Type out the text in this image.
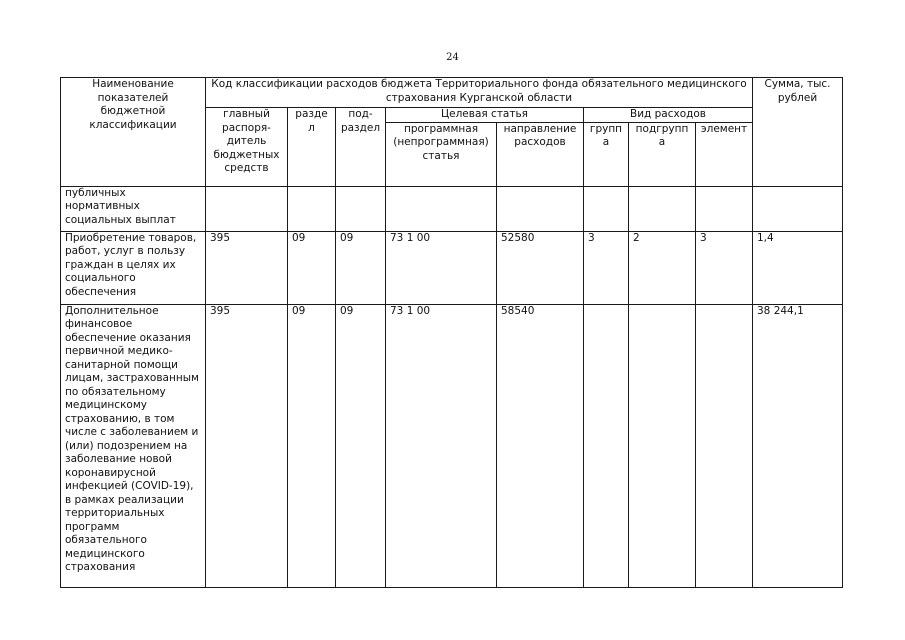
24
Наименование показателей бюджетной классификации	Код классификации расходов бюджета Территориального фонда обязательного медицинского страхования Курганской области								Сумма, тыс. рублей
	главный распоря-дитель бюджетных средств	раздел	под-раздел	Целевая статья		Вид расходов			
				программная (непрограммная) статья	направление расходов	группа	подгруппа	элемент	
публичных нормативных социальных выплат									
Приобретение товаров, работ, услуг в пользу граждан в целях их социального обеспечения	395	09	09	73 1 00	52580	3	2	3	1,4
Дополнительное финансовое обеспечение оказания первичной медико-санитарной помощи лицам, застрахованным по обязательному медицинскому страхованию, в том числе с заболеванием и (или) подозрением на заболевание новой коронавирусной инфекцией (COVID-19), в рамках реализации территориальных программ обязательного медицинского страхования	395	09	09	73 1 00	58540				38 244,1
